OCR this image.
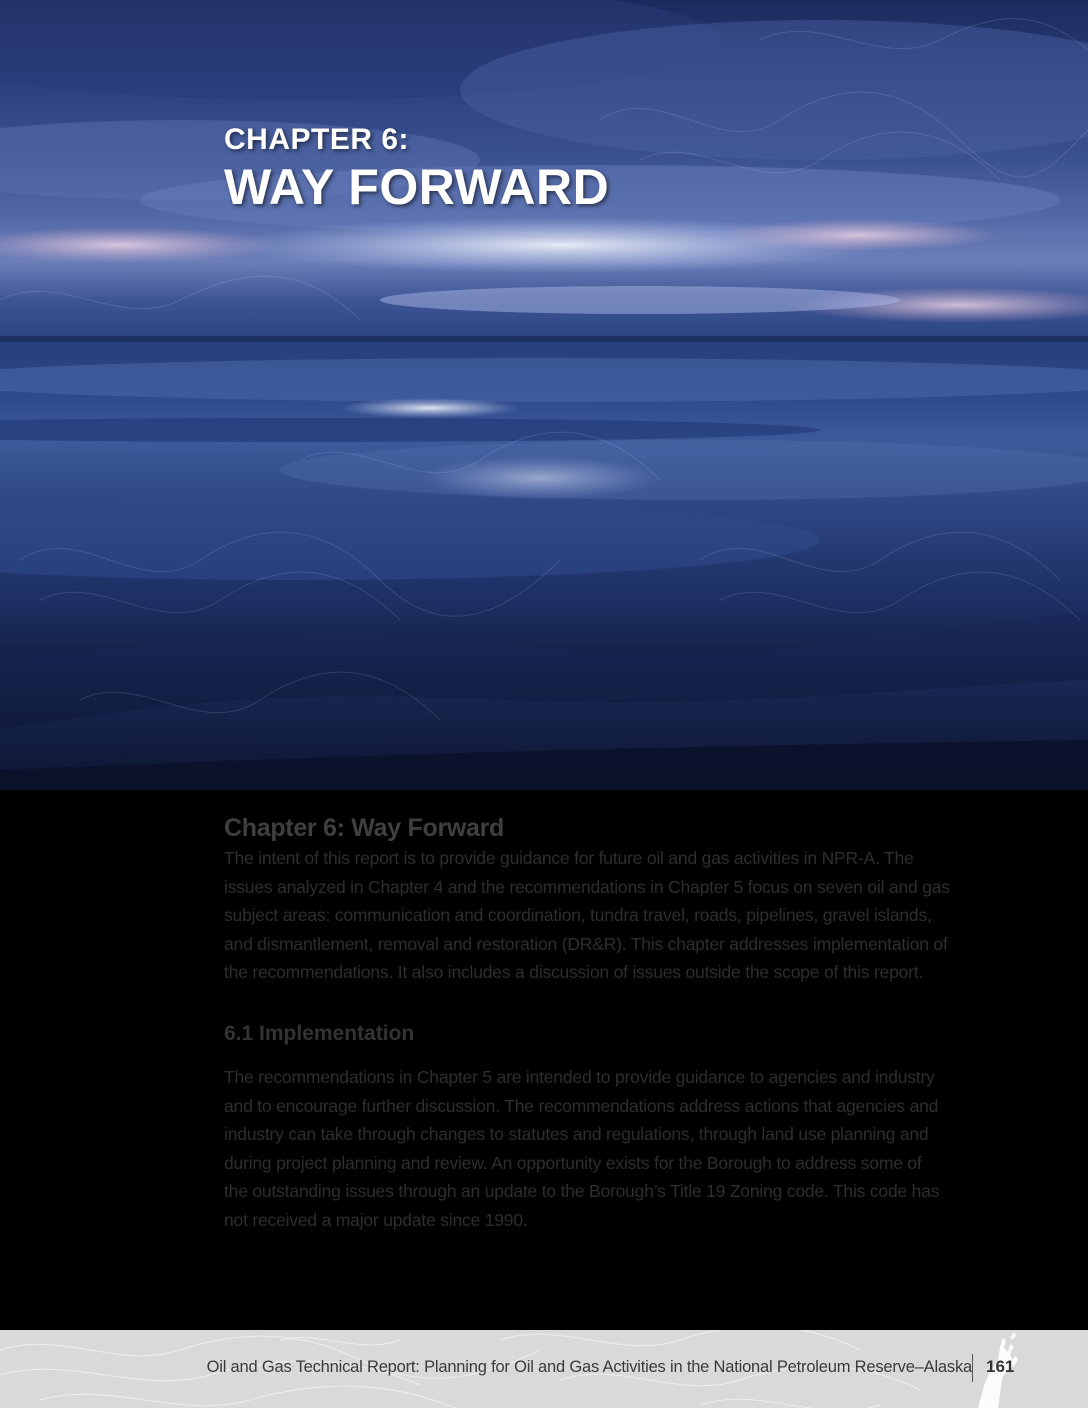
CHAPTER 6:
WAY FORWARD
Chapter 6: Way Forward

The intent of this report is to provide guidance for future oil and gas activities in NPR-A. The
issues analyzed in Chapter 4 and the recommendations in Chapter 5 focus on seven oil and gas
subject areas: communication and coordination, tundra travel, roads, pipelines, gravel islands,
and dismantlement, removal and restoration (DR&R). This chapter addresses implementation of
the recommendations. It also includes a discussion of issues outside the scope of this report.

6.1 Implementation

The recommendations in Chapter 5 are intended to provide guidance to agencies and industry
and to encourage further discussion. The recommendations address actions that agencies and
industry can take through changes to statutes and regulations, through land use planning and
during project planning and review. An opportunity exists for the Borough to address some of
the outstanding issues through an update to the Borough’s Title 19 Zoning code. This code has
not received a major update since 1990.

Oil and Gas Technical Report: Planning for Oil and Gas Activities in the National Petroleum Reserve–Alaska 161
